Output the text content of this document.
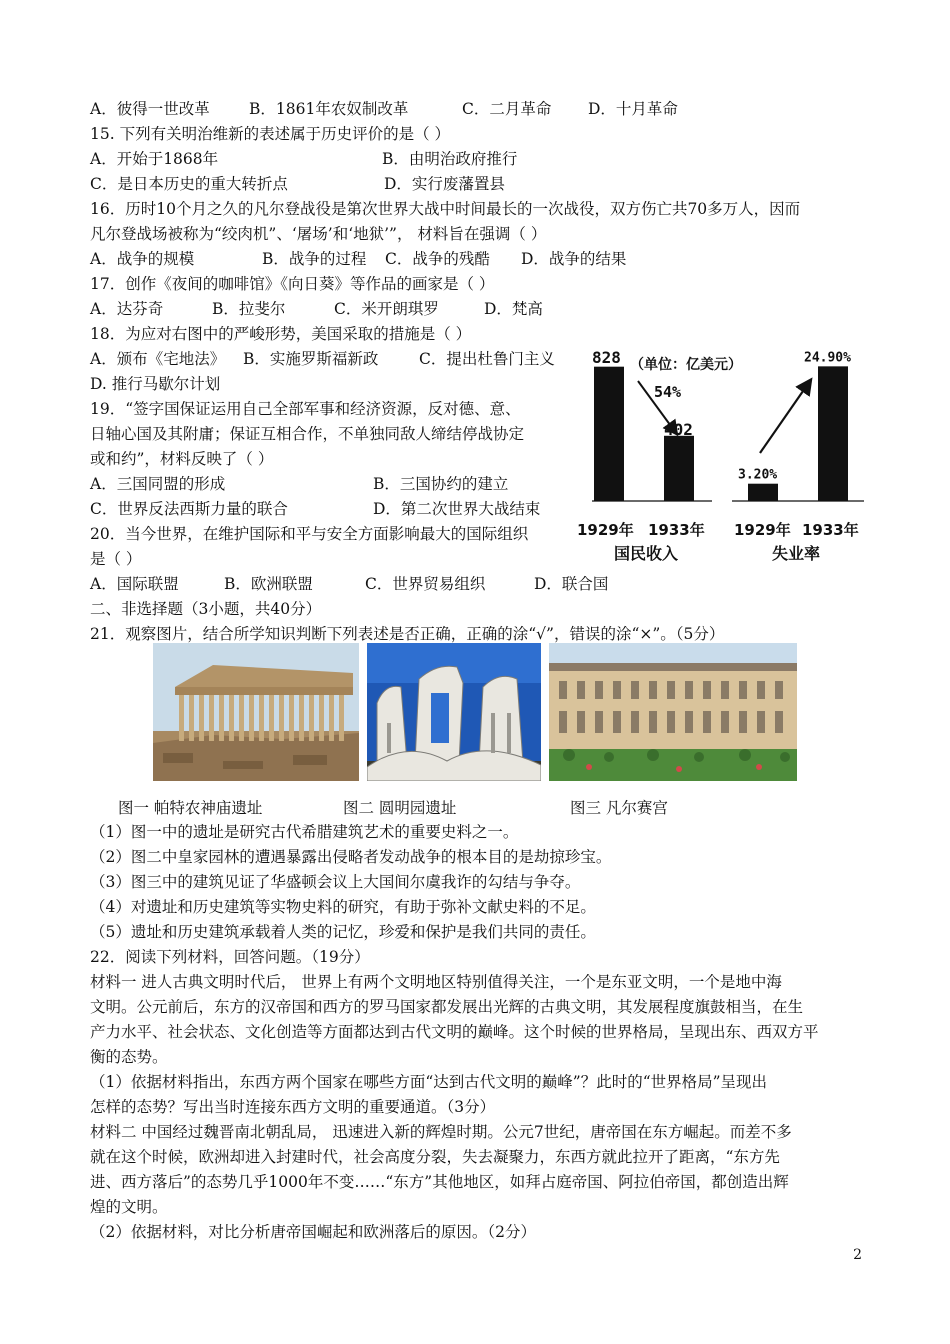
A．彼得一世改革	B．1861年农奴制改革	C．二月革命 D．十月革命
15. 下列有关明治维新的表述属于历史评价的是（ ）
A．开始于1868年	B．由明治政府推行
C．是日本历史的重大转折点	D．实行废藩置县
16．历时10个月之久的凡尔登战役是第次世界大战中时间最长的一次战役，双方伤亡共70多万人，因而
凡尔登战场被称为“绞肉机”、‘屠场’和‘地狱’”， 材料旨在强调（ ）
A．战争的规模	B．战争的过程 C．战争的残酷 D．战争的结果
17．创作《夜间的咖啡馆》《向日葵》等作品的画家是（ ）
A．达芬奇	B．拉斐尔	C．米开朗琪罗	D．梵高
18．为应对右图中的严峻形势，美国采取的措施是（ ）
A．颁布《宅地法》 B．实施罗斯福新政	C．提出杜鲁门主义
D. 推行马歇尔计划
19．“签字国保证运用自己全部军事和经济资源，反对德、意、
日轴心国及其附庸；保证互相合作，不单独同敌人缔结停战协定
或和约”，材料反映了（ ）
A．三国同盟的形成	B．三国协约的建立
C．世界反法西斯力量的联合	D．第二次世界大战结束
20．当今世界，在维护国际和平与安全方面影响最大的国际组织
是（ ）
A．国际联盟	B．欧洲联盟	C．世界贸易组织	D．联合国
二、非选择题（3小题，共40分）
21．观察图片，结合所学知识判断下列表述是否正确，正确的涂“√”，错误的涂“×”。（5分）
828
402
（单位：亿美元）
54%
1929年 1933年
国民收入
3.20%
24.90%
1929年 1933年
失业率
图一 帕特农神庙遗址	图二 圆明园遗址	图三 凡尔赛宫
（1）图一中的遗址是研究古代希腊建筑艺术的重要史料之一。
（2）图二中皇家园林的遭遇暴露出侵略者发动战争的根本目的是劫掠珍宝。
（3）图三中的建筑见证了华盛顿会议上大国间尔虞我诈的勾结与争夺。
（4）对遗址和历史建筑等实物史料的研究，有助于弥补文献史料的不足。
（5）遗址和历史建筑承载着人类的记忆，珍爱和保护是我们共同的责任。
22．阅读下列材料，回答问题。（19分）
材料一 进人古典文明时代后， 世界上有两个文明地区特别值得关注，一个是东亚文明，一个是地中海
文明。公元前后，东方的汉帝国和西方的罗马国家都发展出光辉的古典文明，其发展程度旗鼓相当，在生
产力水平、社会状态、文化创造等方面都达到古代文明的巅峰。这个时候的世界格局，呈现出东、西双方平
衡的态势。
（1）依据材料指出，东西方两个国家在哪些方面“达到古代文明的巅峰”？此时的“世界格局”呈现出
怎样的态势？写出当时连接东西方文明的重要通道。（3分）
材料二 中国经过魏晋南北朝乱局， 迅速进入新的辉煌时期。公元7世纪，唐帝国在东方崛起。而差不多
就在这个时候，欧洲却进入封建时代，社会高度分裂，失去凝聚力，东西方就此拉开了距离，“东方先
进、西方落后”的态势几乎1000年不变……“东方”其他地区，如拜占庭帝国、阿拉伯帝国，都创造出辉
煌的文明。
（2）依据材料，对比分析唐帝国崛起和欧洲落后的原因。（2分）
2
